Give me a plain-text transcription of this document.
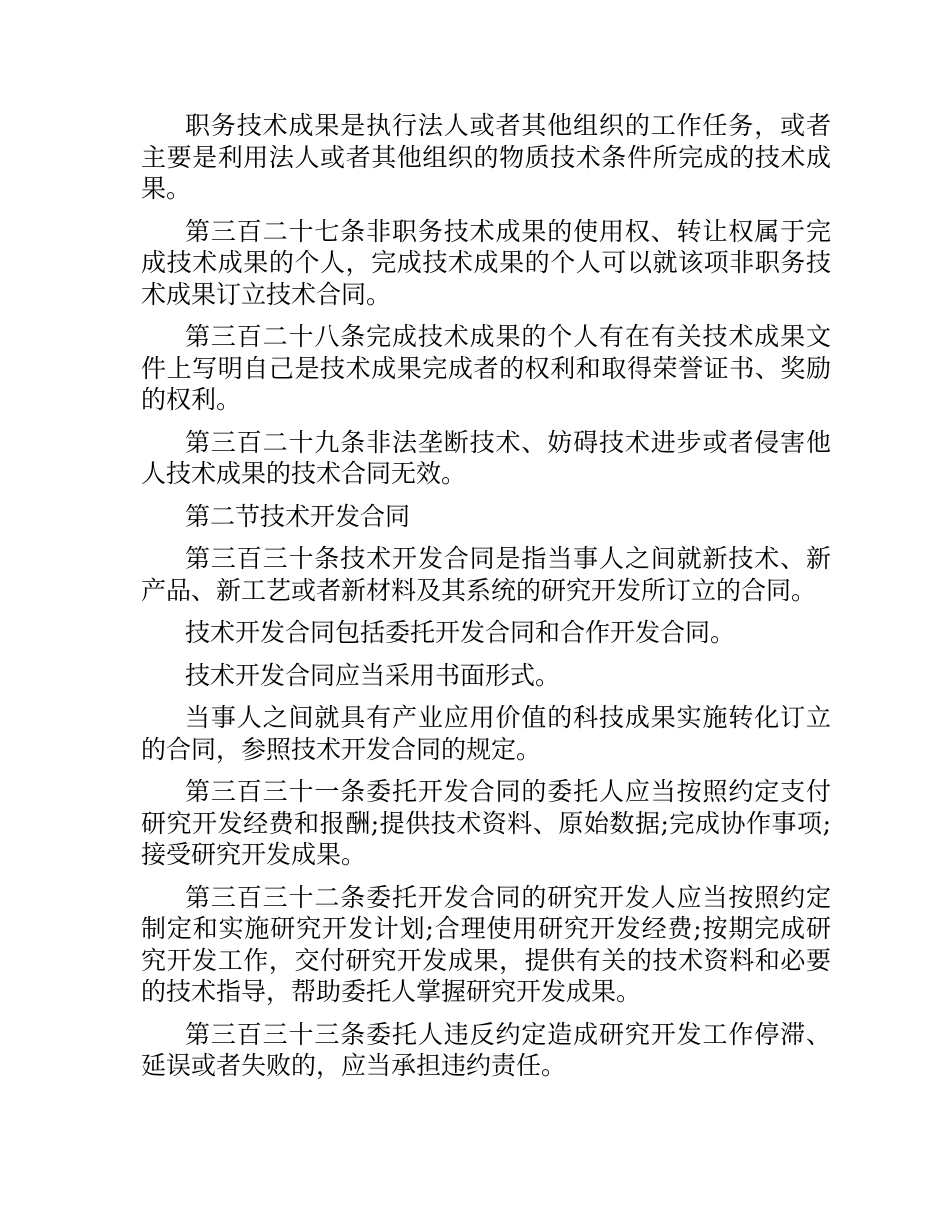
职务技术成果是执行法人或者其他组织的工作任务，或者主要是利用法人或者其他组织的物质技术条件所完成的技术成果。

第三百二十七条非职务技术成果的使用权、转让权属于完成技术成果的个人，完成技术成果的个人可以就该项非职务技术成果订立技术合同。

第三百二十八条完成技术成果的个人有在有关技术成果文件上写明自己是技术成果完成者的权利和取得荣誉证书、奖励的权利。

第三百二十九条非法垄断技术、妨碍技术进步或者侵害他人技术成果的技术合同无效。

第二节技术开发合同

第三百三十条技术开发合同是指当事人之间就新技术、新产品、新工艺或者新材料及其系统的研究开发所订立的合同。

技术开发合同包括委托开发合同和合作开发合同。

技术开发合同应当采用书面形式。

当事人之间就具有产业应用价值的科技成果实施转化订立的合同，参照技术开发合同的规定。

第三百三十一条委托开发合同的委托人应当按照约定支付研究开发经费和报酬;提供技术资料、原始数据;完成协作事项;接受研究开发成果。

第三百三十二条委托开发合同的研究开发人应当按照约定制定和实施研究开发计划;合理使用研究开发经费;按期完成研究开发工作，交付研究开发成果，提供有关的技术资料和必要的技术指导，帮助委托人掌握研究开发成果。

第三百三十三条委托人违反约定造成研究开发工作停滞、延误或者失败的，应当承担违约责任。
